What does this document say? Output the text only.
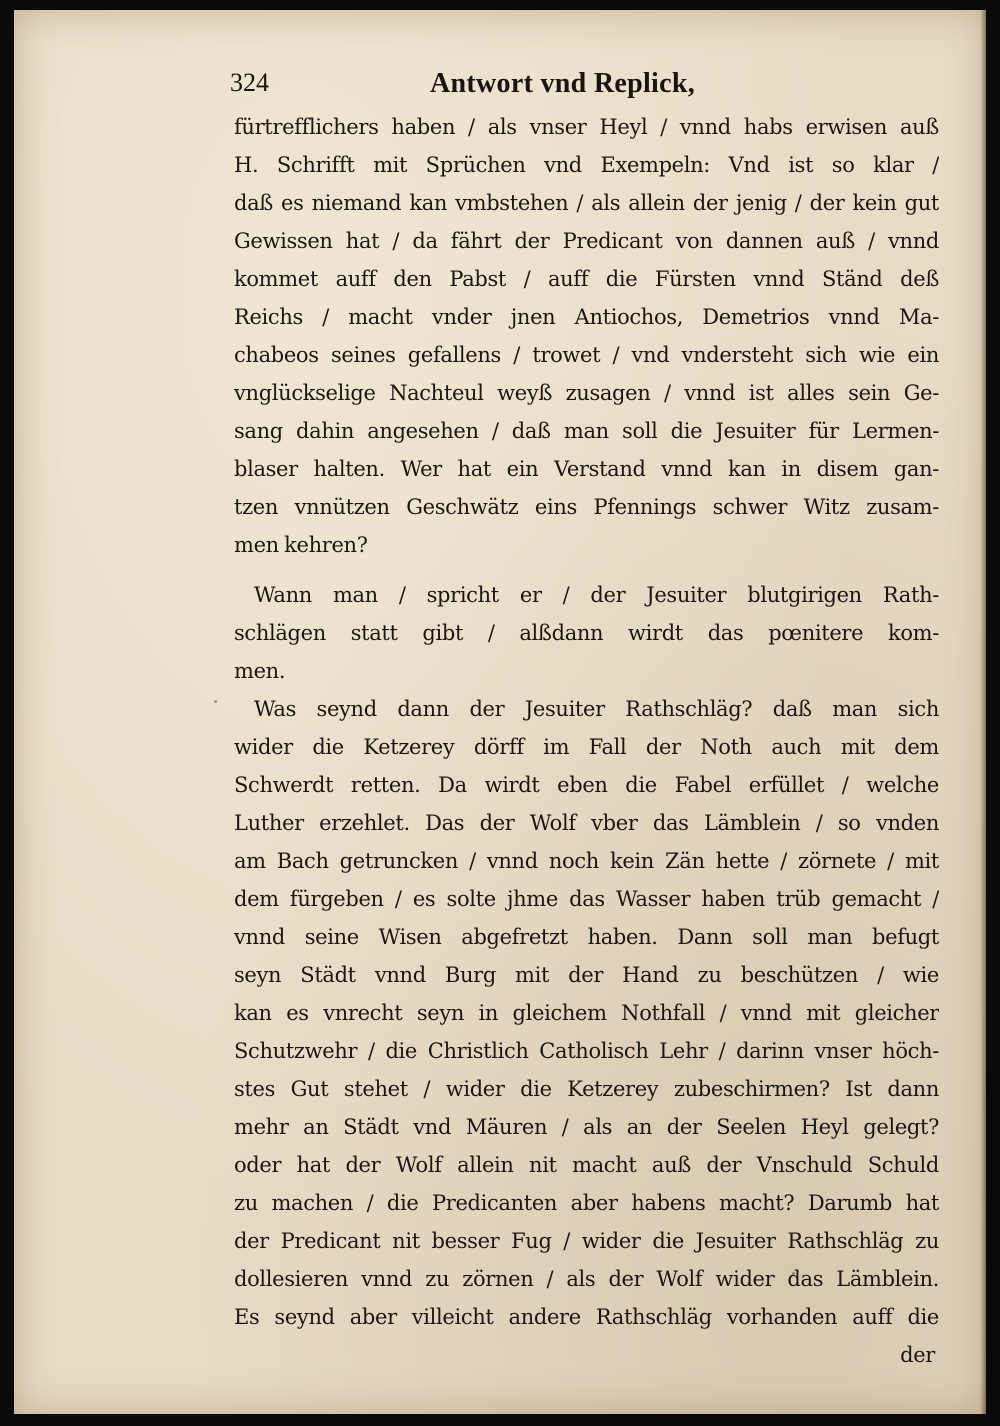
324	Antwort vnd Replick,
fürtrefflichers haben / als vnser Heyl / vnnd habs erwisen auß
H. Schrifft mit Sprüchen vnd Exempeln: Vnd ist so klar /
daß es niemand kan vmbstehen / als allein der jenig / der kein gut
Gewissen hat / da fährt der Predicant von dannen auß / vnnd
kommet auff den Pabst / auff die Fürsten vnnd Ständ deß
Reichs / macht vnder jnen Antiochos, Demetrios vnnd Ma-
chabeos seines gefallens / trowet / vnd vndersteht sich wie ein
vnglückselige Nachteul weyß zusagen / vnnd ist alles sein Ge-
sang dahin angesehen / daß man soll die Jesuiter für Lermen-
blaser halten. Wer hat ein Verstand vnnd kan in disem gan-
tzen vnnützen Geschwätz eins Pfennings schwer Witz zusam-
men kehren?
Wann man / spricht er / der Jesuiter blutgirigen Rath-
schlägen statt gibt / alßdann wirdt das pœnitere kom-
men.
Was seynd dann der Jesuiter Rathschläg? daß man sich
wider die Ketzerey dörff im Fall der Noth auch mit dem
Schwerdt retten. Da wirdt eben die Fabel erfüllet / welche
Luther erzehlet. Das der Wolf vber das Lämblein / so vnden
am Bach getruncken / vnnd noch kein Zän hette / zörnete / mit
dem fürgeben / es solte jhme das Wasser haben trüb gemacht /
vnnd seine Wisen abgefretzt haben. Dann soll man befugt
seyn Städt vnnd Burg mit der Hand zu beschützen / wie
kan es vnrecht seyn in gleichem Nothfall / vnnd mit gleicher
Schutzwehr / die Christlich Catholisch Lehr / darinn vnser höch-
stes Gut stehet / wider die Ketzerey zubeschirmen? Ist dann
mehr an Städt vnd Mäuren / als an der Seelen Heyl gelegt?
oder hat der Wolf allein nit macht auß der Vnschuld Schuld
zu machen / die Predicanten aber habens macht? Darumb hat
der Predicant nit besser Fug / wider die Jesuiter Rathschläg zu
dollesieren vnnd zu zörnen / als der Wolf wider das Lämblein.
Es seynd aber villeicht andere Rathschläg vorhanden auff die
der
